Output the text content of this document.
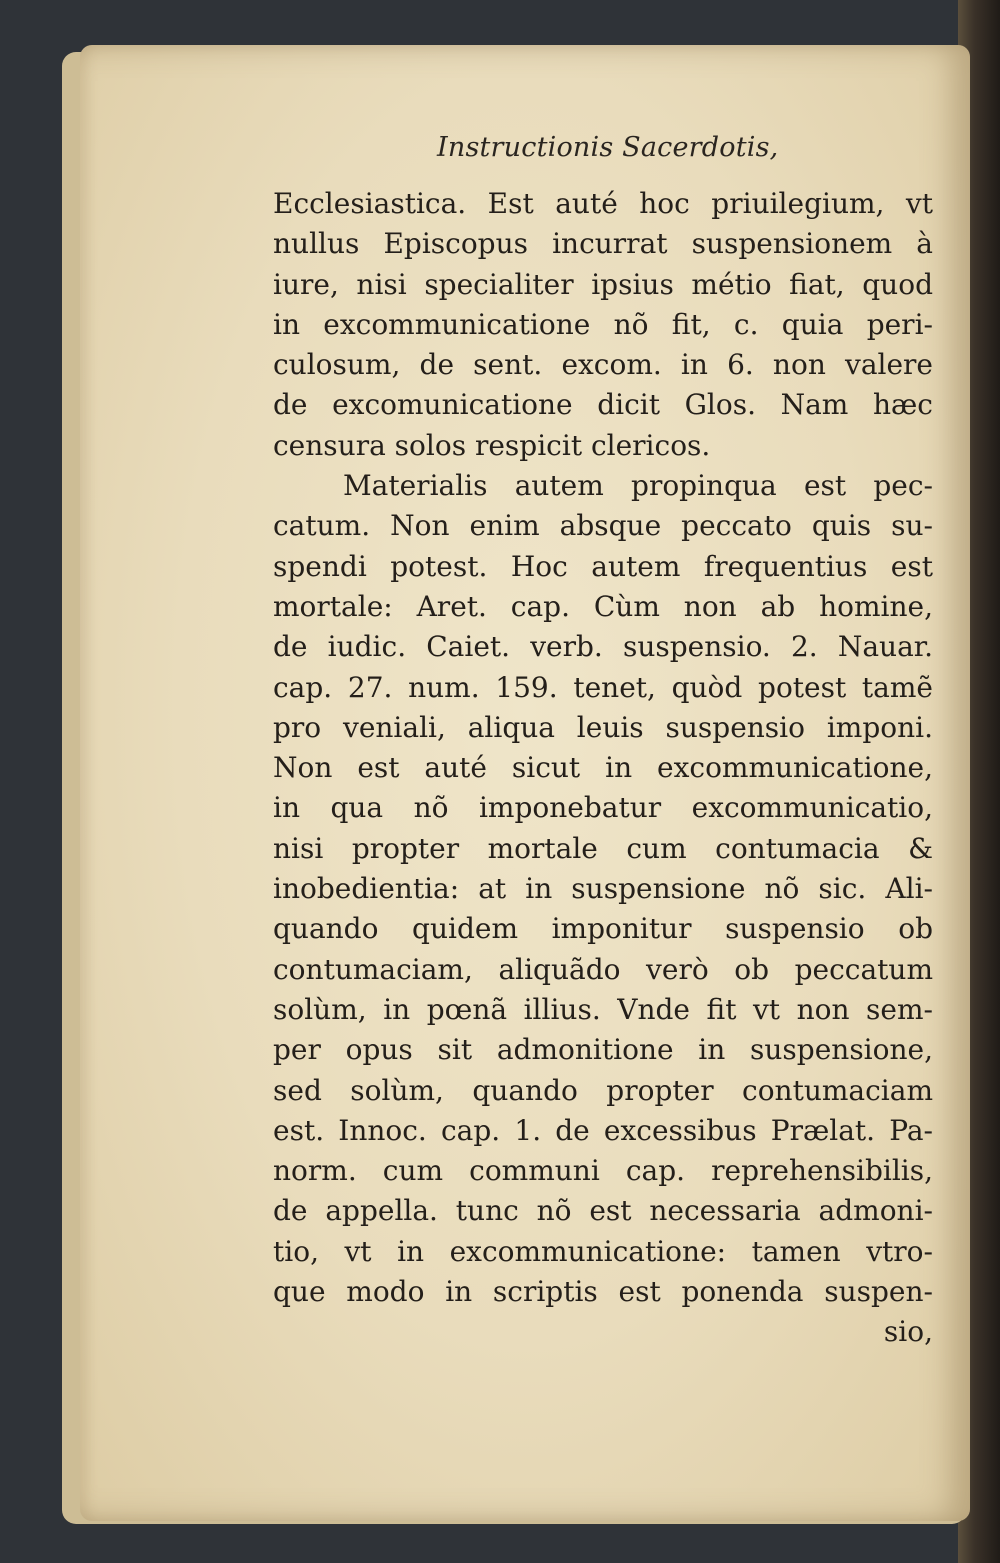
Instructionis Sacerdotis,
Ecclesiastica. Est auté hoc priuilegium, vt
nullus Episcopus incurrat suspensionem à
iure, nisi specialiter ipsius métio fiat, quod
in excommunicatione nõ fit, c. quia peri-
culosum, de sent. excom. in 6. non valere
de excomunicatione dicit Glos. Nam hæc
censura solos respicit clericos.
Materialis autem propinqua est pec-
catum. Non enim absque peccato quis su-
spendi potest. Hoc autem frequentius est
mortale: Aret. cap. Cùm non ab homine,
de iudic. Caiet. verb. suspensio. 2. Nauar.
cap. 27. num. 159. tenet, quòd potest tamẽ
pro veniali, aliqua leuis suspensio imponi.
Non est auté sicut in excommunicatione,
in qua nõ imponebatur excommunicatio,
nisi propter mortale cum contumacia &
inobedientia: at in suspensione nõ sic. Ali-
quando quidem imponitur suspensio ob
contumaciam, aliquãdo verò ob peccatum
solùm, in pœnã illius. Vnde fit vt non sem-
per opus sit admonitione in suspensione,
sed solùm, quando propter contumaciam
est. Innoc. cap. 1. de excessibus Prælat. Pa-
norm. cum communi cap. reprehensibilis,
de appella. tunc nõ est necessaria admoni-
tio, vt in excommunicatione: tamen vtro-
que modo in scriptis est ponenda suspen-
sio,
